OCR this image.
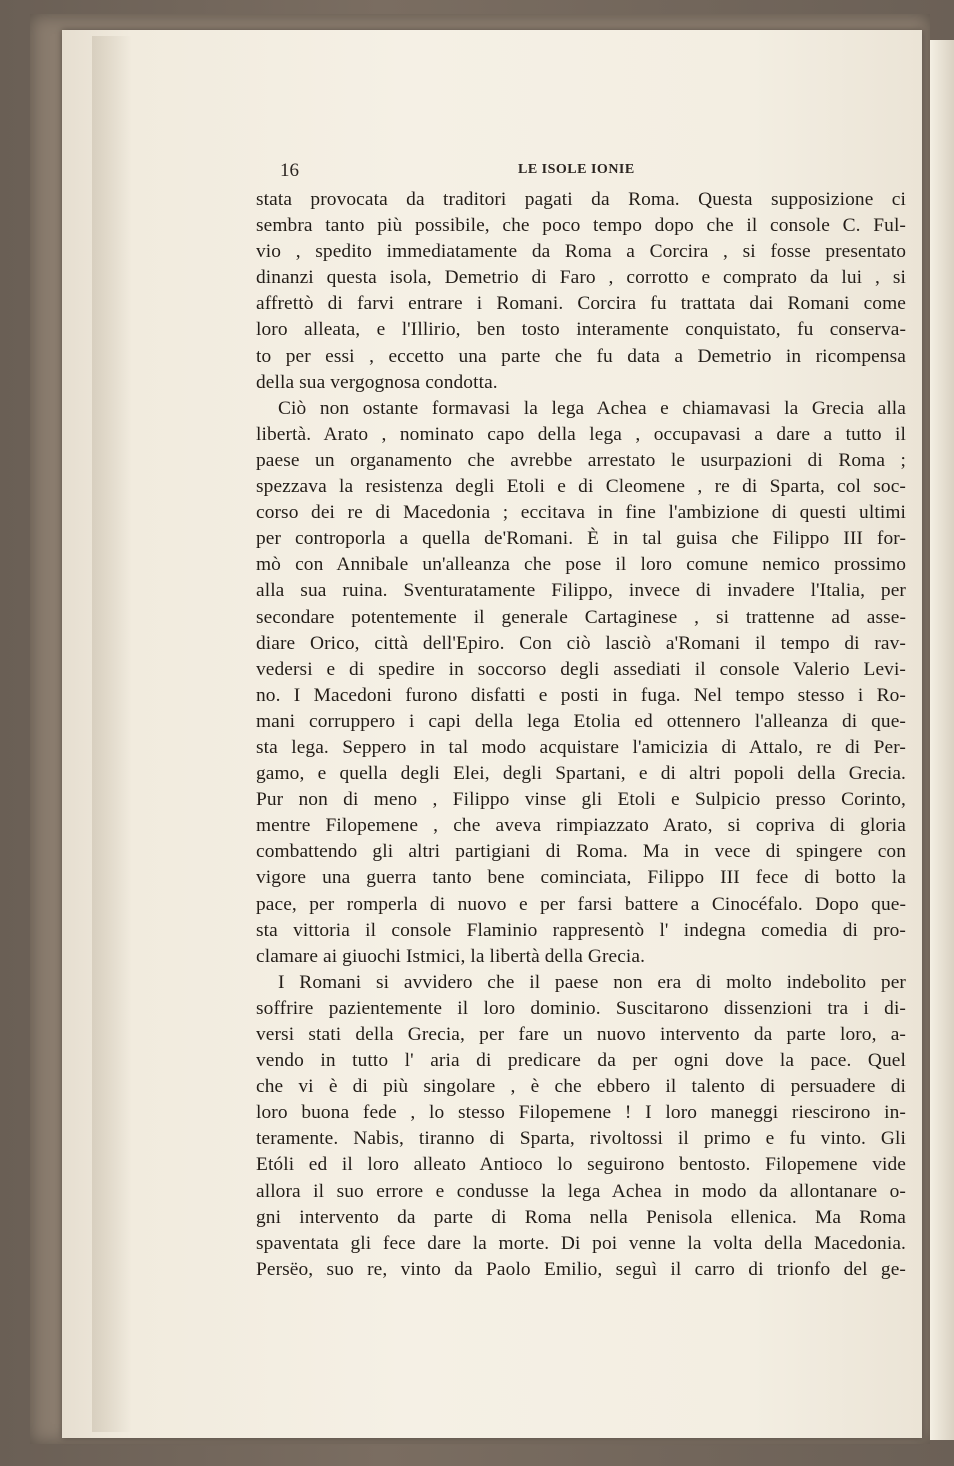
16	LE ISOLE IONIE
stata provocata da traditori pagati da Roma. Questa supposizione ci
sembra tanto più possibile, che poco tempo dopo che il console C. Ful-
vio , spedito immediatamente da Roma a Corcira , si fosse presentato
dinanzi questa isola, Demetrio di Faro , corrotto e comprato da lui , si
affrettò di farvi entrare i Romani. Corcira fu trattata dai Romani come
loro alleata, e l'Illirio, ben tosto interamente conquistato, fu conserva-
to per essi , eccetto una parte che fu data a Demetrio in ricompensa
della sua vergognosa condotta.
Ciò non ostante formavasi la lega Achea e chiamavasi la Grecia alla
libertà. Arato , nominato capo della lega , occupavasi a dare a tutto il
paese un organamento che avrebbe arrestato le usurpazioni di Roma ;
spezzava la resistenza degli Etoli e di Cleomene , re di Sparta, col soc-
corso dei re di Macedonia ; eccitava in fine l'ambizione di questi ultimi
per controporla a quella de'Romani. È in tal guisa che Filippo III for-
mò con Annibale un'alleanza che pose il loro comune nemico prossimo
alla sua ruina. Sventuratamente Filippo, invece di invadere l'Italia, per
secondare potentemente il generale Cartaginese , si trattenne ad asse-
diare Orico, città dell'Epiro. Con ciò lasciò a'Romani il tempo di rav-
vedersi e di spedire in soccorso degli assediati il console Valerio Levi-
no. I Macedoni furono disfatti e posti in fuga. Nel tempo stesso i Ro-
mani corruppero i capi della lega Etolia ed ottennero l'alleanza di que-
sta lega. Seppero in tal modo acquistare l'amicizia di Attalo, re di Per-
gamo, e quella degli Elei, degli Spartani, e di altri popoli della Grecia.
Pur non di meno , Filippo vinse gli Etoli e Sulpicio presso Corinto,
mentre Filopemene , che aveva rimpiazzato Arato, si copriva di gloria
combattendo gli altri partigiani di Roma. Ma in vece di spingere con
vigore una guerra tanto bene cominciata, Filippo III fece di botto la
pace, per romperla di nuovo e per farsi battere a Cinocéfalo. Dopo que-
sta vittoria il console Flaminio rappresentò l' indegna comedia di pro-
clamare ai giuochi Istmici, la libertà della Grecia.
I Romani si avvidero che il paese non era di molto indebolito per
soffrire pazientemente il loro dominio. Suscitarono dissenzioni tra i di-
versi stati della Grecia, per fare un nuovo intervento da parte loro, a-
vendo in tutto l' aria di predicare da per ogni dove la pace. Quel
che vi è di più singolare , è che ebbero il talento di persuadere di
loro buona fede , lo stesso Filopemene ! I loro maneggi riescirono in-
teramente. Nabis, tiranno di Sparta, rivoltossi il primo e fu vinto. Gli
Etóli ed il loro alleato Antioco lo seguirono bentosto. Filopemene vide
allora il suo errore e condusse la lega Achea in modo da allontanare o-
gni intervento da parte di Roma nella Penisola ellenica. Ma Roma
spaventata gli fece dare la morte. Di poi venne la volta della Macedonia.
Persëo, suo re, vinto da Paolo Emilio, seguì il carro di trionfo del ge-
